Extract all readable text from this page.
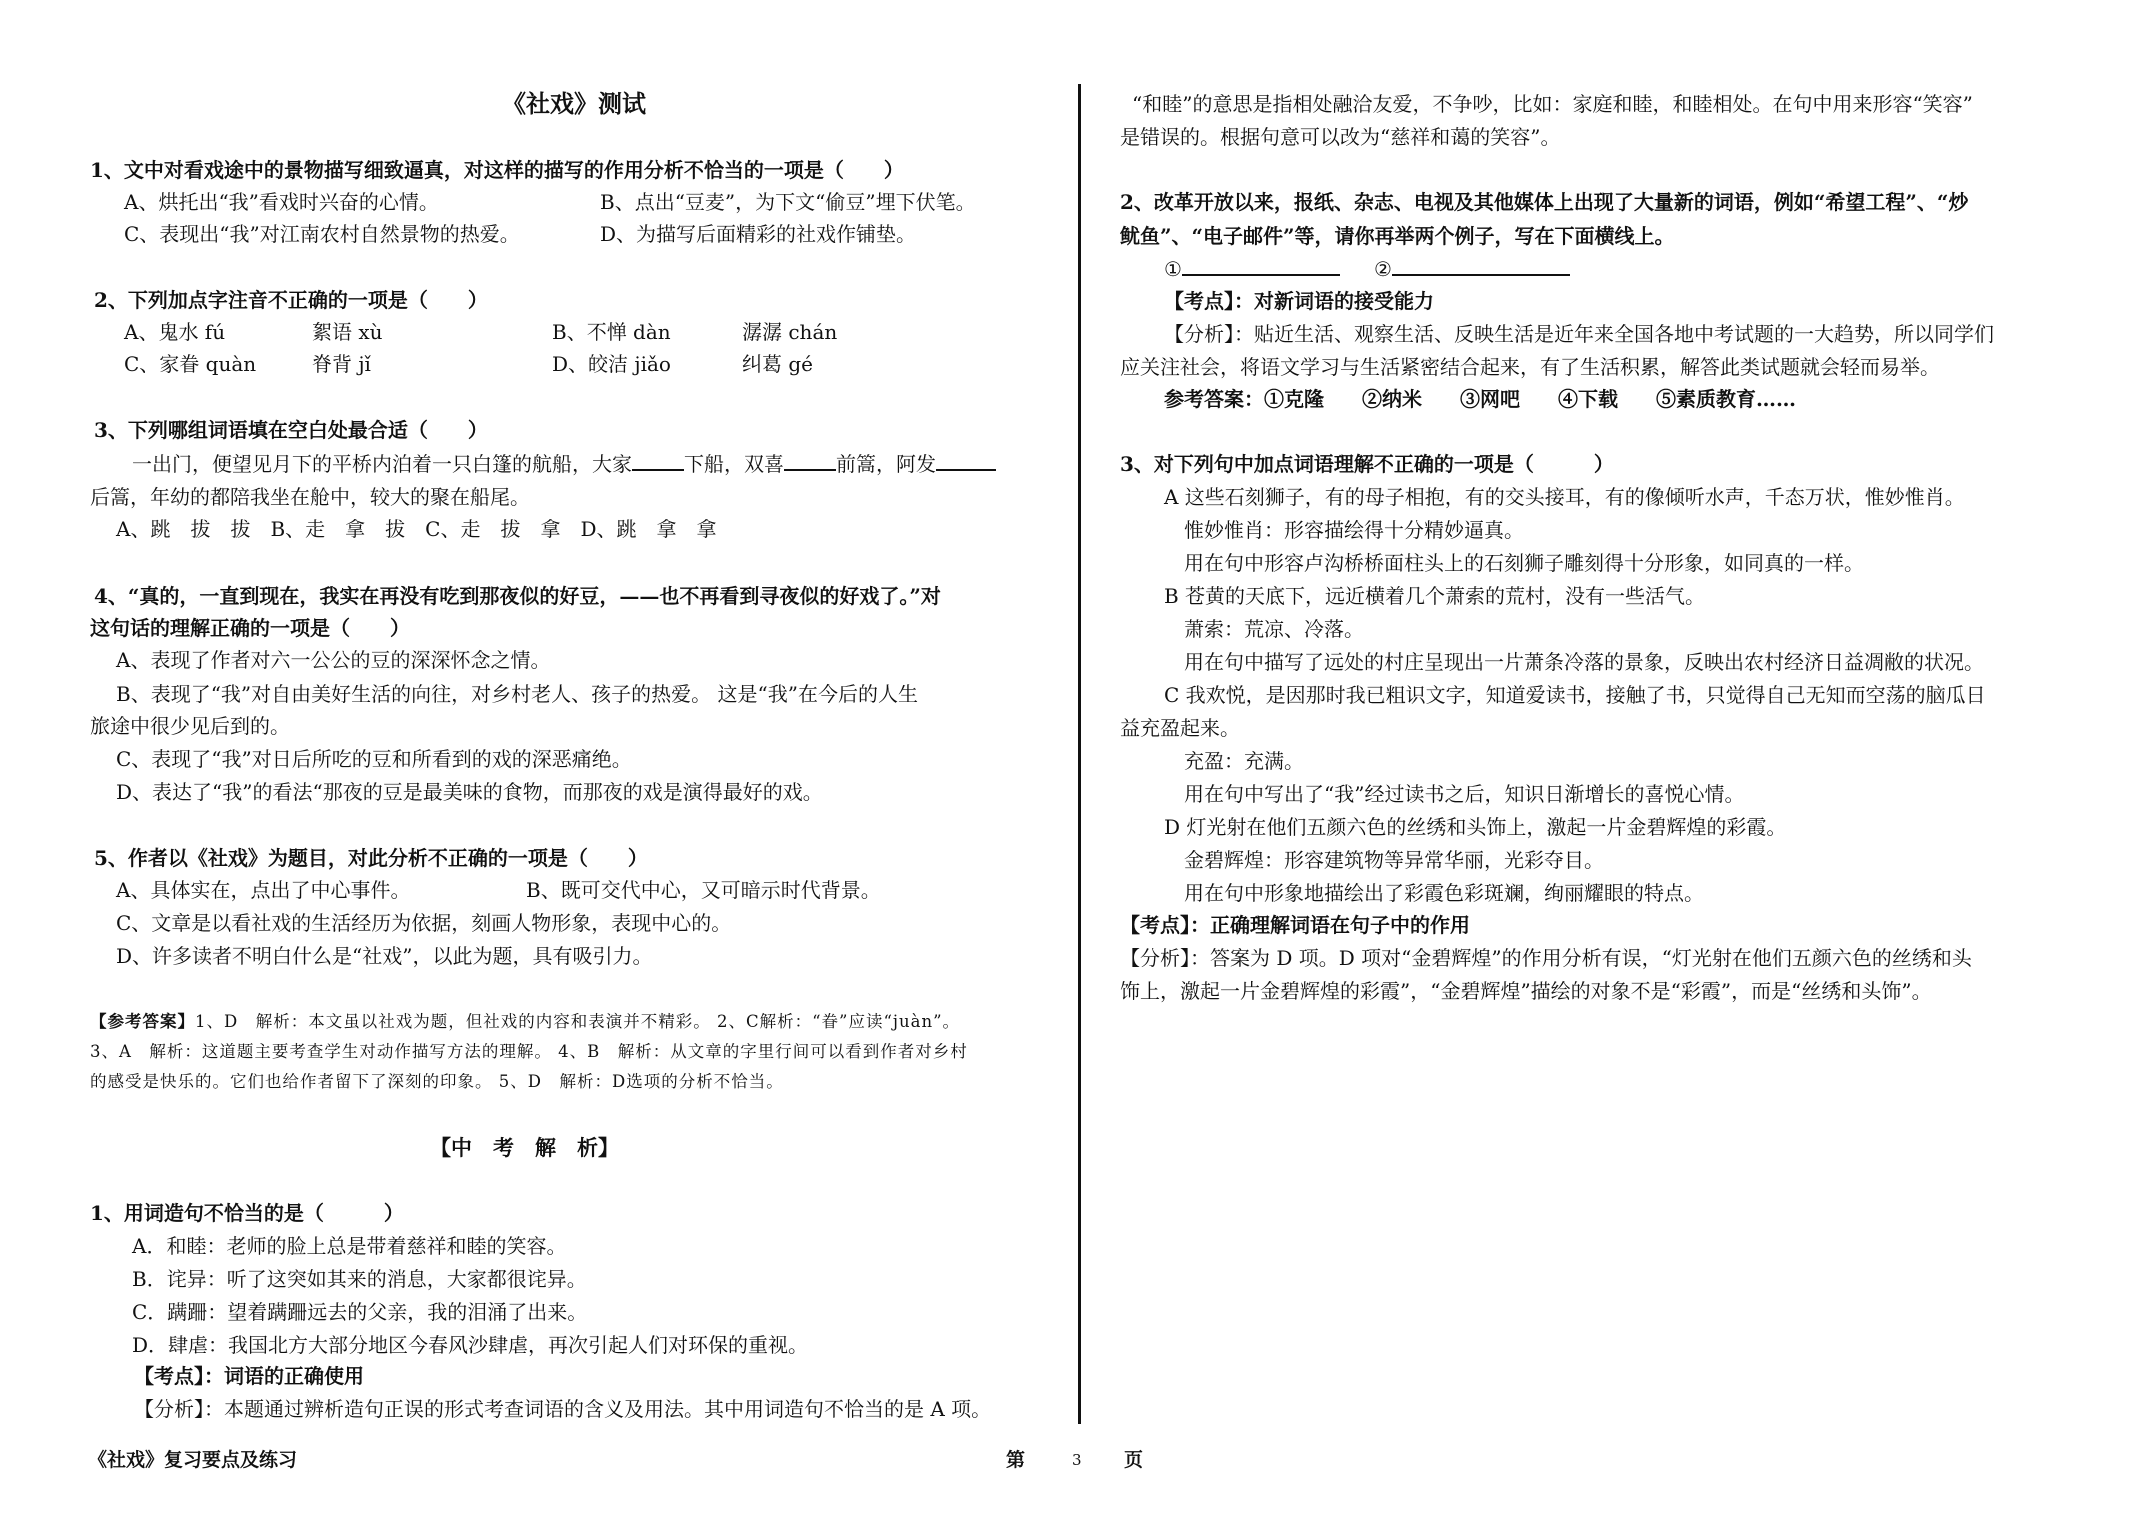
《社戏》测试
1、文中对看戏途中的景物描写细致逼真，对这样的描写的作用分析不恰当的一项是（　　）
A、烘托出“我”看戏时兴奋的心情。	B、点出“豆麦”，为下文“偷豆”埋下伏笔。
C、表现出“我”对江南农村自然景物的热爱。	D、为描写后面精彩的社戏作铺垫。
2、下列加点字注音不正确的一项是（　　）
A、鬼水 fú	絮语 xù	B、不惮 dàn	潺潺 chán
C、家眷 quàn	脊背 jǐ	D、皎洁 jiǎo	纠葛 gé
3、下列哪组词语填在空白处最合适（　　）
一出门，便望见月下的平桥内泊着一只白篷的航船，大家	下船，双喜	前篙，阿发
后篙，年幼的都陪我坐在舱中，较大的聚在船尾。
A、跳　拔　拔　B、走　拿　拔　C、走　拔　拿　D、跳　拿　拿
4、“真的，一直到现在，我实在再没有吃到那夜似的好豆，——也不再看到寻夜似的好戏了。”对
这句话的理解正确的一项是（　　）
A、表现了作者对六一公公的豆的深深怀念之情。
B、表现了“我”对自由美好生活的向往，对乡村老人、孩子的热爱。 这是“我”在今后的人生
旅途中很少见后到的。
C、表现了“我”对日后所吃的豆和所看到的戏的深恶痛绝。
D、表达了“我”的看法“那夜的豆是最美味的食物，而那夜的戏是演得最好的戏。
5、作者以《社戏》为题目，对此分析不正确的一项是（　　）
A、具体实在，点出了中心事件。	B、既可交代中心，又可暗示时代背景。
C、文章是以看社戏的生活经历为依据，刻画人物形象，表现中心的。
D、许多读者不明白什么是“社戏”，以此为题，具有吸引力。
【参考答案】1、D　解析：本文虽以社戏为题，但社戏的内容和表演并不精彩。 2、C解析：“眷”应读“juàn”。
3、A　解析：这道题主要考查学生对动作描写方法的理解。 4、B　解析：从文章的字里行间可以看到作者对乡村
的感受是快乐的。它们也给作者留下了深刻的印象。 5、D　解析：D选项的分析不恰当。
【中　考　解　析】
1、用词造句不恰当的是（　　　）
A．和睦：老师的脸上总是带着慈祥和睦的笑容。
B．诧异：听了这突如其来的消息，大家都很诧异。
C．蹒跚：望着蹒跚远去的父亲，我的泪涌了出来。
D．肆虐：我国北方大部分地区今春风沙肆虐，再次引起人们对环保的重视。
【考点】：词语的正确使用
【分析】：本题通过辨析造句正误的形式考查词语的含义及用法。其中用词造句不恰当的是 A 项。
“和睦”的意思是指相处融洽友爱，不争吵，比如：家庭和睦，和睦相处。在句中用来形容“笑容”
是错误的。根据句意可以改为“慈祥和蔼的笑容”。
2、改革开放以来，报纸、杂志、电视及其他媒体上出现了大量新的词语，例如“希望工程”、“炒
鱿鱼”、“电子邮件”等，请你再举两个例子，写在下面横线上。
①	②
【考点】：对新词语的接受能力
【分析】：贴近生活、观察生活、反映生活是近年来全国各地中考试题的一大趋势，所以同学们
应关注社会，将语文学习与生活紧密结合起来，有了生活积累，解答此类试题就会轻而易举。
参考答案：①克隆 ②纳米 ③网吧 ④下载 ⑤素质教育……
3、对下列句中加点词语理解不正确的一项是（　　　）
A 这些石刻狮子，有的母子相抱，有的交头接耳，有的像倾听水声，千态万状，惟妙惟肖。
惟妙惟肖：形容描绘得十分精妙逼真。
用在句中形容卢沟桥桥面柱头上的石刻狮子雕刻得十分形象，如同真的一样。
B 苍黄的天底下，远近横着几个萧索的荒村，没有一些活气。
萧索：荒凉、冷落。
用在句中描写了远处的村庄呈现出一片萧条冷落的景象，反映出农村经济日益凋敝的状况。
C 我欢悦，是因那时我已粗识文字，知道爱读书，接触了书，只觉得自己无知而空荡的脑瓜日
益充盈起来。
充盈：充满。
用在句中写出了“我”经过读书之后，知识日渐增长的喜悦心情。
D 灯光射在他们五颜六色的丝绣和头饰上，激起一片金碧辉煌的彩霞。
金碧辉煌：形容建筑物等异常华丽，光彩夺目。
用在句中形象地描绘出了彩霞色彩斑斓，绚丽耀眼的特点。
【考点】：正确理解词语在句子中的作用
【分析】：答案为 D 项。D 项对“金碧辉煌”的作用分析有误，“灯光射在他们五颜六色的丝绣和头
饰上，激起一片金碧辉煌的彩霞”，“金碧辉煌”描绘的对象不是“彩霞”，而是“丝绣和头饰”。
《社戏》复习要点及练习	第	3 页
